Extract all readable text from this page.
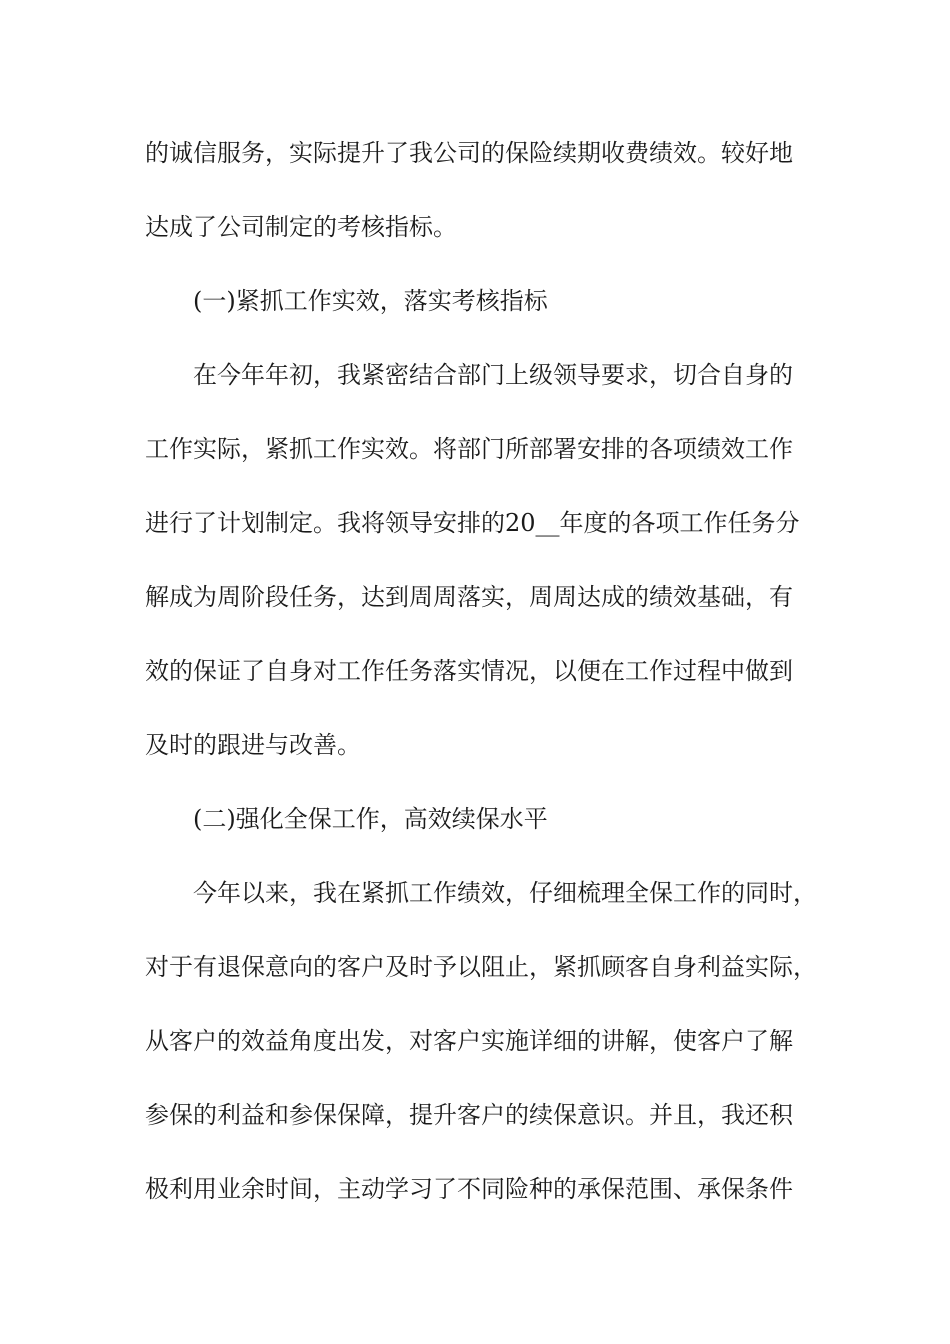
的诚信服务，实际提升了我公司的保险续期收费绩效。较好地

达成了公司制定的考核指标。

(一)紧抓工作实效，落实考核指标

在今年年初，我紧密结合部门上级领导要求，切合自身的

工作实际，紧抓工作实效。将部门所部署安排的各项绩效工作

进行了计划制定。我将领导安排的20__年度的各项工作任务分

解成为周阶段任务，达到周周落实，周周达成的绩效基础，有

效的保证了自身对工作任务落实情况，以便在工作过程中做到

及时的跟进与改善。

(二)强化全保工作，高效续保水平

今年以来，我在紧抓工作绩效，仔细梳理全保工作的同时，

对于有退保意向的客户及时予以阻止，紧抓顾客自身利益实际，

从客户的效益角度出发，对客户实施详细的讲解，使客户了解

参保的利益和参保保障，提升客户的续保意识。并且，我还积

极利用业余时间，主动学习了不同险种的承保范围、承保条件
